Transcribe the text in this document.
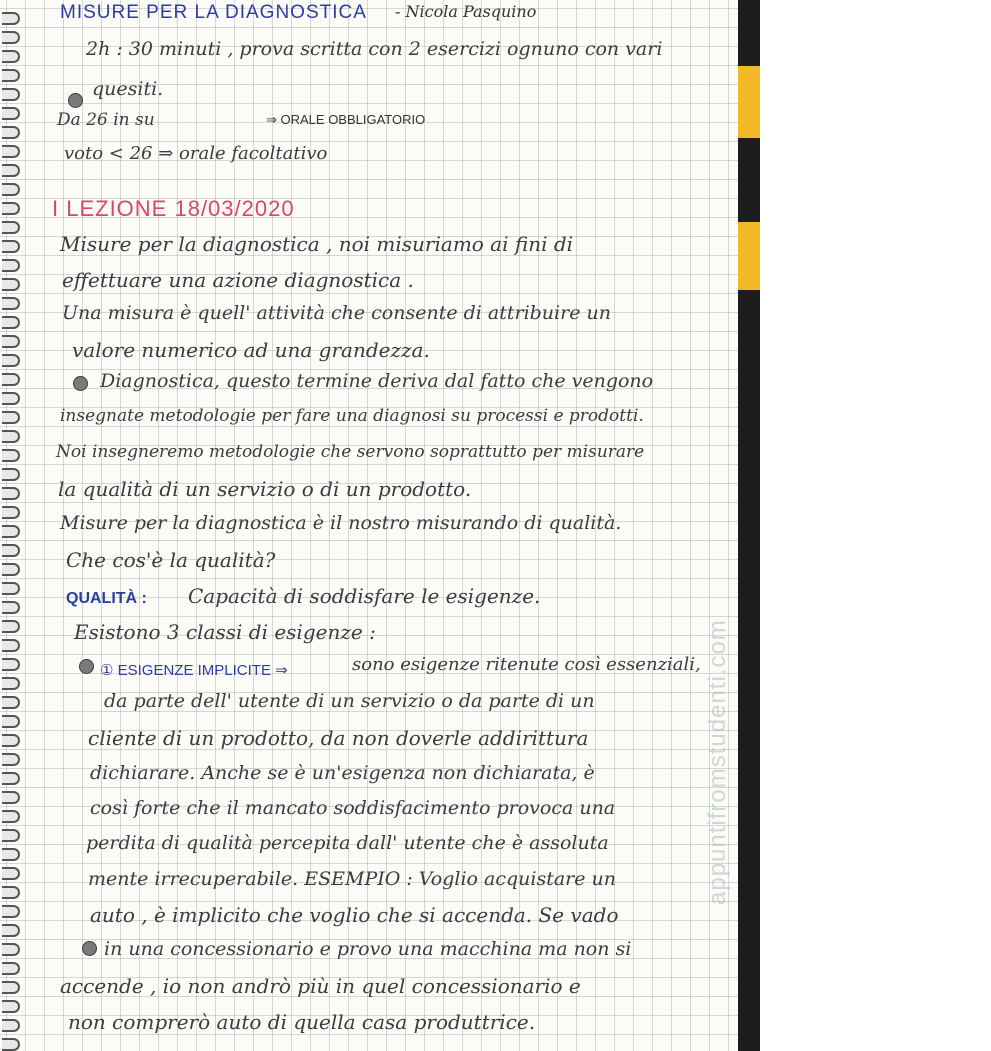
MISURE PER LA DIAGNOSTICA - Nicola Pasquino
2h : 30 minuti , prova scritta con 2 esercizi ognuno con vari
quesiti.
Da 26 in su	⇒ ORALE OBBLIGATORIO
voto < 26 ⇒ orale facoltativo
I LEZIONE 18/03/2020
Misure per la diagnostica , noi misuriamo ai fini di
effettuare una azione diagnostica .
Una misura è quell' attività che consente di attribuire un
valore numerico ad una grandezza.
Diagnostica, questo termine deriva dal fatto che vengono
insegnate metodologie per fare una diagnosi su processi e prodotti.
Noi insegneremo metodologie che servono soprattutto per misurare
la qualità di un servizio o di un prodotto.
Misure per la diagnostica è il nostro misurando di qualità.
Che cos'è la qualità?
QUALITÀ : Capacità di soddisfare le esigenze.
Esistono 3 classi di esigenze :
① ESIGENZE IMPLICITE ⇒	sono esigenze ritenute così essenziali,
da parte dell' utente di un servizio o da parte di un
cliente di un prodotto, da non doverle addirittura
dichiarare. Anche se è un'esigenza non dichiarata, è
così forte che il mancato soddisfacimento provoca una
perdita di qualità percepita dall' utente che è assoluta
mente irrecuperabile. ESEMPIO : Voglio acquistare un
auto , è implicito che voglio che si accenda. Se vado
in una concessionario e provo una macchina ma non si
accende , io non andrò più in quel concessionario e
non comprerò auto di quella casa produttrice.
appuntifromstudenti.com
